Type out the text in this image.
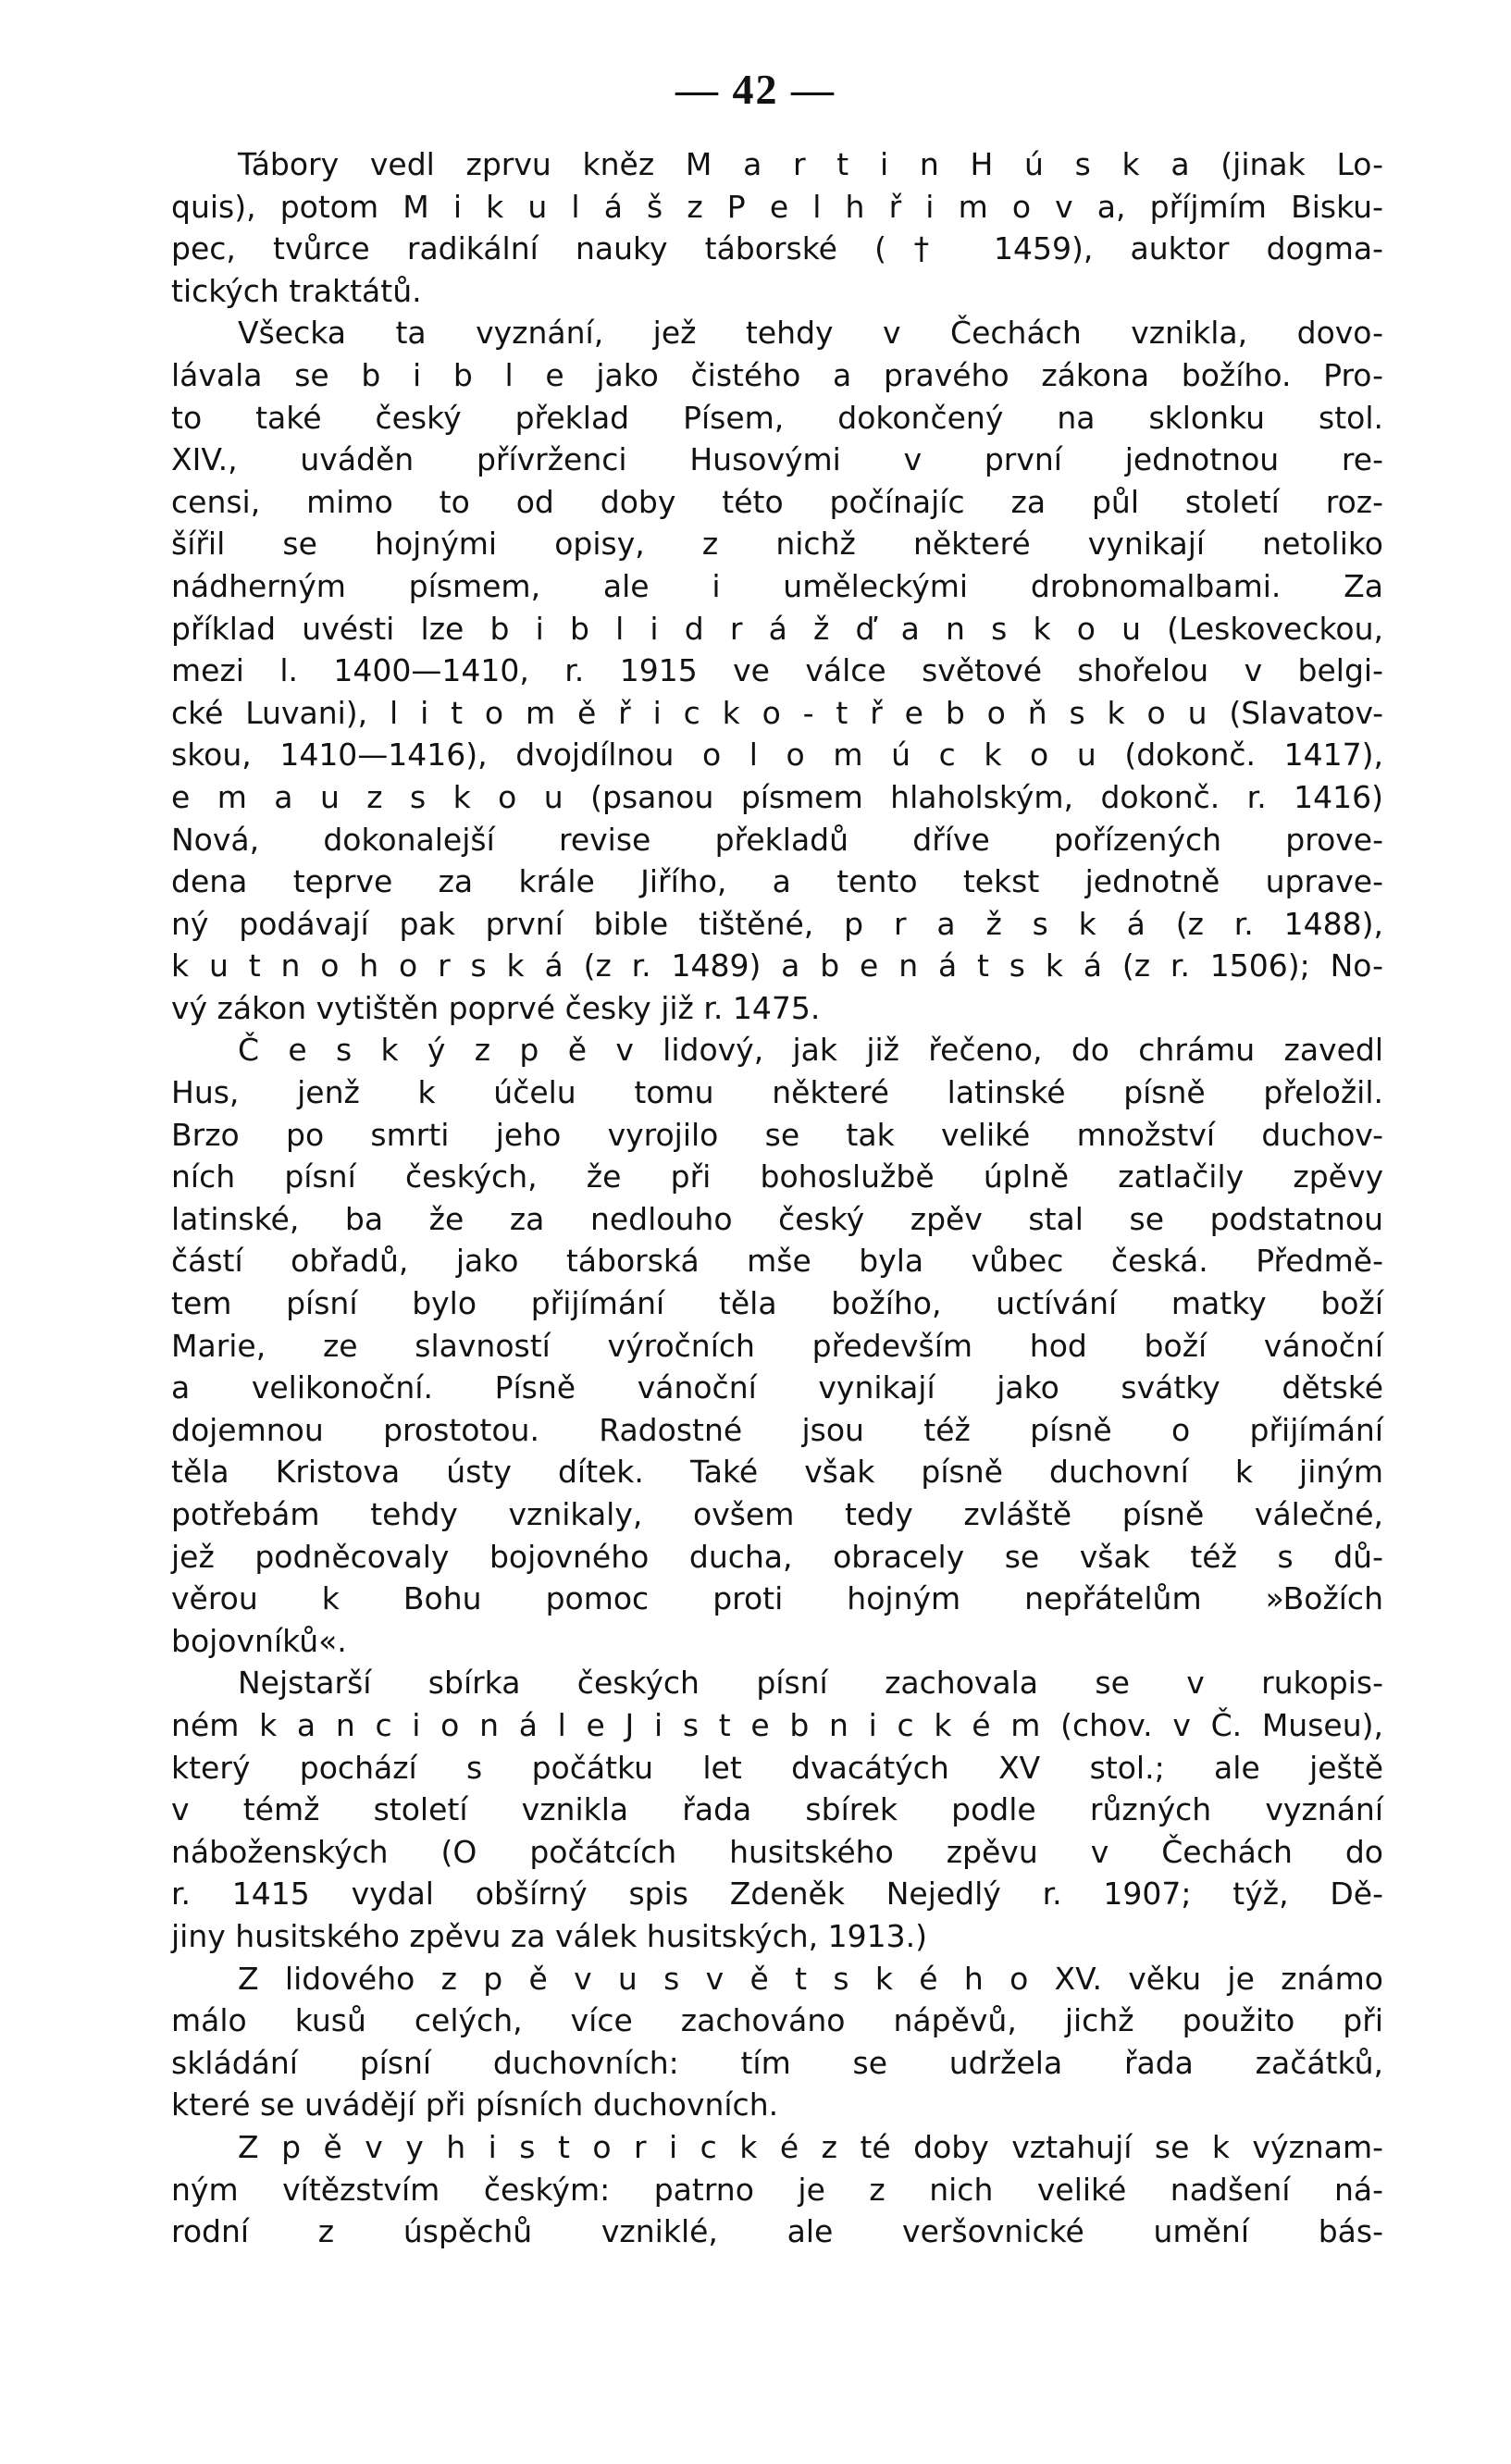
— 42 —
Tábory vedl zprvu kněz M a r t i n H ú s k a (jinak Lo-
quis), potom M i k u l á š z P e l h ř i m o v a, příjmím Bisku-
pec, tvůrce radikální nauky táborské († 1459), auktor dogma-
tických traktátů.
Všecka ta vyznání, jež tehdy v Čechách vznikla, dovo-
lávala se b i b l e jako čistého a pravého zákona božího. Pro-
to také český překlad Písem, dokončený na sklonku stol.
XIV., uváděn přívrženci Husovými v první jednotnou re-
censi, mimo to od doby této počínajíc za půl století roz-
šířil se hojnými opisy, z nichž některé vynikají netoliko
nádherným písmem, ale i uměleckými drobnomalbami. Za
příklad uvésti lze b i b l i d r á ž ď a n s k o u (Leskoveckou,
mezi l. 1400—1410, r. 1915 ve válce světové shořelou v belgi-
cké Luvani), l i t o m ě ř i c k o - t ř e b o ň s k o u (Slavatov-
skou, 1410—1416), dvojdílnou o l o m ú c k o u (dokonč. 1417),
e m a u z s k o u (psanou písmem hlaholským, dokonč. r. 1416)
Nová, dokonalejší revise překladů dříve pořízených prove-
dena teprve za krále Jiřího, a tento tekst jednotně uprave-
ný podávají pak první bible tištěné, p r a ž s k á (z r. 1488),
k u t n o h o r s k á (z r. 1489) a b e n á t s k á (z r. 1506); No-
vý zákon vytištěn poprvé česky již r. 1475.
Č e s k ý z p ě v lidový, jak již řečeno, do chrámu zavedl
Hus, jenž k účelu tomu některé latinské písně přeložil.
Brzo po smrti jeho vyrojilo se tak veliké množství duchov-
ních písní českých, že při bohoslužbě úplně zatlačily zpěvy
latinské, ba že za nedlouho český zpěv stal se podstatnou
částí obřadů, jako táborská mše byla vůbec česká. Předmě-
tem písní bylo přijímání těla božího, uctívání matky boží
Marie, ze slavností výročních především hod boží vánoční
a velikonoční. Písně vánoční vynikají jako svátky dětské
dojemnou prostotou. Radostné jsou též písně o přijímání
těla Kristova ústy dítek. Také však písně duchovní k jiným
potřebám tehdy vznikaly, ovšem tedy zvláště písně válečné,
jež podněcovaly bojovného ducha, obracely se však též s dů-
věrou k Bohu pomoc proti hojným nepřátelům »Božích
bojovníků«.
Nejstarší sbírka českých písní zachovala se v rukopis-
ném k a n c i o n á l e J i s t e b n i c k é m (chov. v Č. Museu),
který pochází s počátku let dvacátých XV stol.; ale ještě
v témž století vznikla řada sbírek podle různých vyznání
náboženských (O počátcích husitského zpěvu v Čechách do
r. 1415 vydal obšírný spis Zdeněk Nejedlý r. 1907; týž, Dě-
jiny husitského zpěvu za válek husitských, 1913.)
Z lidového z p ě v u s v ě t s k é h o XV. věku je známo
málo kusů celých, více zachováno nápěvů, jichž použito při
skládání písní duchovních: tím se udržela řada začátků,
které se uvádějí při písních duchovních.
Z p ě v y h i s t o r i c k é z té doby vztahují se k význam-
ným vítězstvím českým: patrno je z nich veliké nadšení ná-
rodní z úspěchů vzniklé, ale veršovnické umění bás-
